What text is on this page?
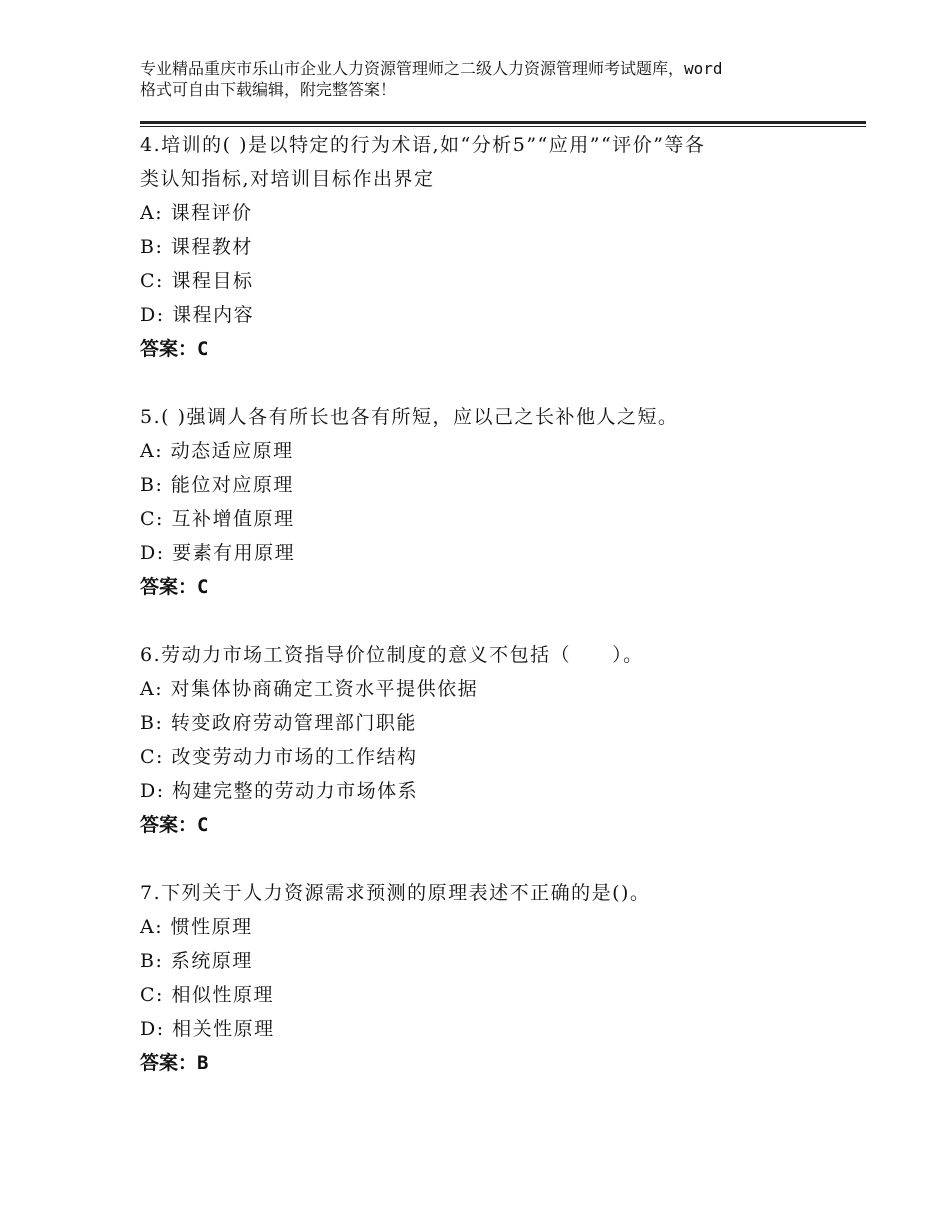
专业精品重庆市乐山市企业人力资源管理师之二级人力资源管理师考试题库，word
格式可自由下载编辑，附完整答案！

4.培训的( )是以特定的行为术语,如“分析5”“应用”“评价”等各

类认知指标,对培训目标作出界定

A: 课程评价

B: 课程教材

C: 课程目标

D: 课程内容

答案：C

5.( )强调人各有所长也各有所短，应以己之长补他人之短。

A: 动态适应原理

B: 能位对应原理

C: 互补增值原理

D: 要素有用原理

答案：C

6.劳动力市场工资指导价位制度的意义不包括（　　）。

A: 对集体协商确定工资水平提供依据

B: 转变政府劳动管理部门职能

C: 改变劳动力市场的工作结构

D: 构建完整的劳动力市场体系

答案：C

7.下列关于人力资源需求预测的原理表述不正确的是()。

A: 惯性原理

B: 系统原理

C: 相似性原理

D: 相关性原理

答案：B
